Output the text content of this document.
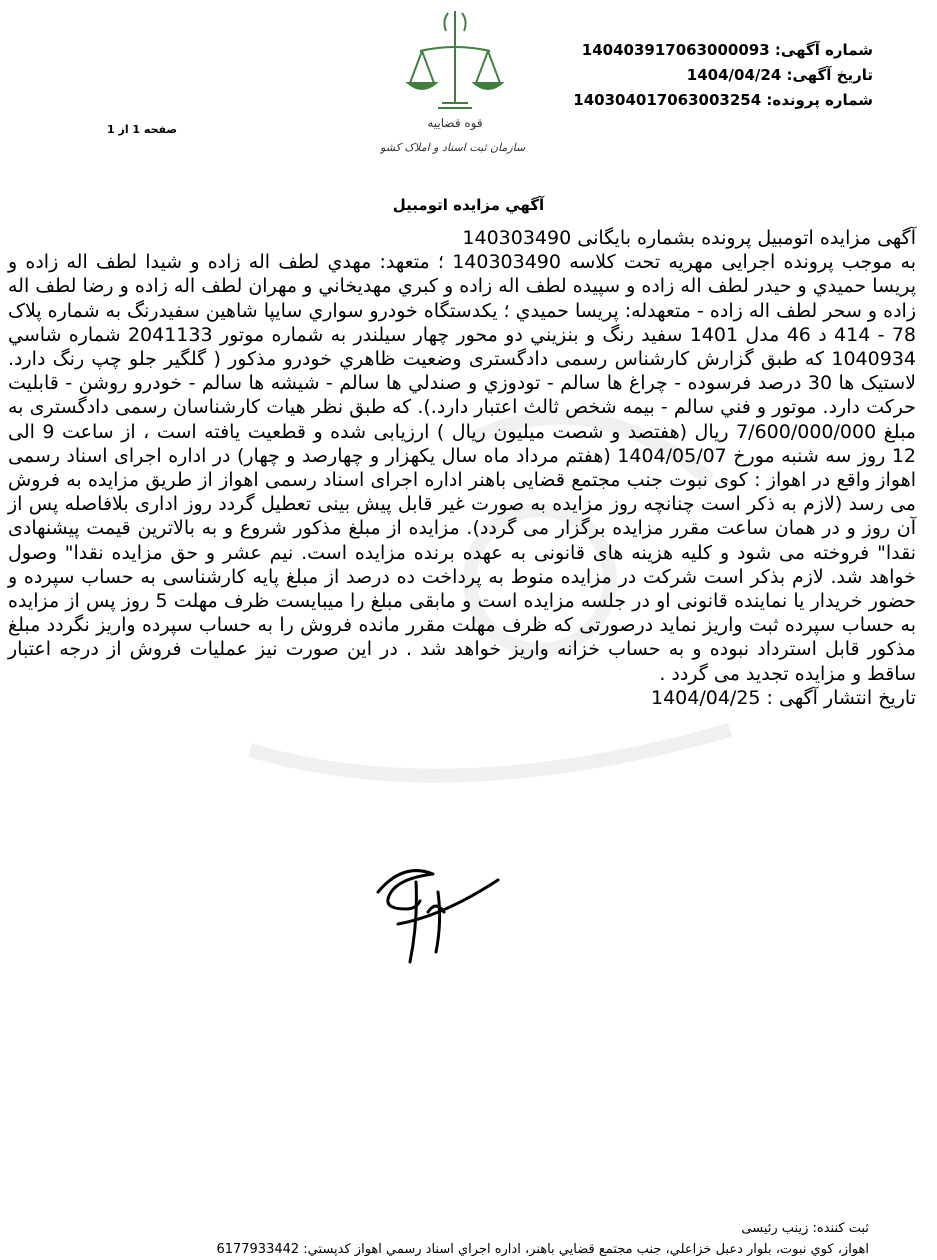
شماره آگهی: 140403917063000093
تاریخ آگهی: 1404/04/24
شماره پرونده: 140304017063003254
صفحه 1 از 1	قوه قضاییه
سازمان ثبت اسناد و املاک کشور
آگهي مزايده اتومبيل

آگهی مزایده اتومبیل پرونده بشماره بایگانی 140303490

به موجب پرونده اجرایی مهریه تحت کلاسه 140303490 ؛ متعهد: مهدي لطف اله زاده و شيدا لطف اله زاده و پريسا حميدي و حيدر لطف اله زاده و سپيده لطف اله زاده و کبري مهديخاني و مهران لطف اله زاده و رضا لطف اله زاده و سحر لطف اله زاده - متعهدله: پريسا حميدي ؛ يکدستگاه خودرو سواري سايپا شاهين سفيدرنگ به شماره پلاک 78 - 414 د 46 مدل 1401 سفيد رنگ و بنزيني دو محور چهار سيلندر به شماره موتور 2041133 شماره شاسي 1040934 که طبق گزارش کارشناس رسمی دادگستری وضعیت ظاهري خودرو مذکور ( گلگير جلو چپ رنگ دارد. لاستيک ها 30 درصد فرسوده - چراغ ها سالم - تودوزي و صندلي ها سالم - شيشه ها سالم - خودرو روشن - قابليت حرکت دارد. موتور و فني سالم - بيمه شخص ثالث اعتبار دارد.). که طبق نظر هيات کارشناسان رسمی دادگستری به مبلغ 7/600/000/000 ریال (هفتصد و شصت میلیون ریال ) ارزیابی شده و قطعیت یافته است ، از ساعت 9 الی 12 روز سه شنبه مورخ 1404/05/07 (هفتم مرداد ماه سال یکهزار و چهارصد و چهار) در اداره اجرای اسناد رسمی اهواز واقع در اهواز : کوی نبوت جنب مجتمع قضایی باهنر اداره اجرای اسناد رسمی اهواز از طریق مزایده به فروش می رسد (لازم به ذکر است چنانچه روز مزایده به صورت غیر قابل پیش بینی تعطیل گردد روز اداری بلافاصله پس از آن روز و در همان ساعت مقرر مزایده برگزار می گردد). مزایده از مبلغ مذکور شروع و به بالاترین قیمت پیشنهادی نقدا" فروخته می شود و کلیه هزینه های قانونی به عهده برنده مزایده است. نیم عشر و حق مزایده نقدا" وصول خواهد شد. لازم بذکر است شرکت در مزایده منوط به پرداخت ده درصد از مبلغ پایه کارشناسی به حساب سپرده و حضور خریدار یا نماینده قانونی او در جلسه مزایده است و مابقی مبلغ را میبایست ظرف مهلت 5 روز پس از مزایده به حساب سپرده ثبت واریز نماید درصورتی که ظرف مهلت مقرر مانده فروش را به حساب سپرده واریز نگردد مبلغ مذکور قابل استرداد نبوده و به حساب خزانه واریز خواهد شد . در این صورت نیز عملیات فروش از درجه اعتبار ساقط و مزایده تجدید می گردد .

تاریخ انتشار آگهی : 1404/04/25

ثبت کننده: زینب رئیسی
اهواز، کوي نبوت، بلوار دعبل خزاعلي، جنب مجتمع قضايي باهنر، اداره اجراي اسناد رسمي اهواز کدپستي: 6177933442
